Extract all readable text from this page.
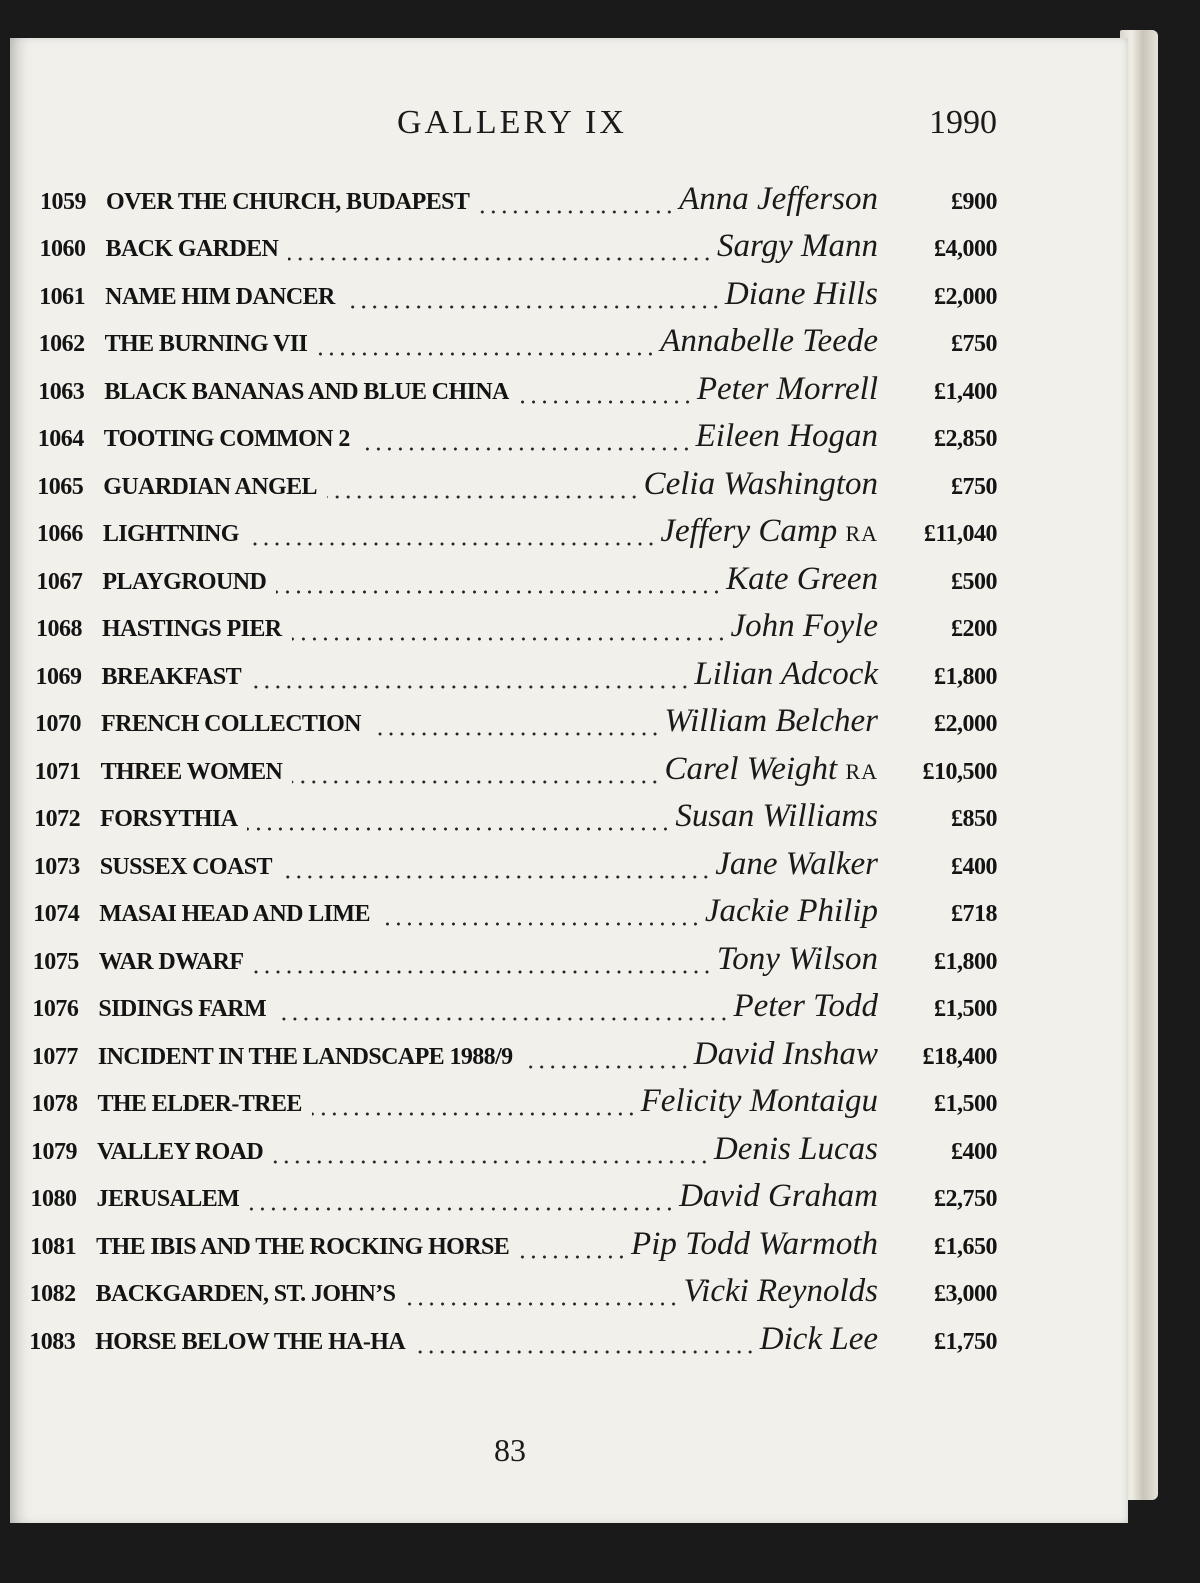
GALLERY IX	1990
1059 OVER THE CHURCH, BUDAPEST	Anna Jefferson	£900
1060 BACK GARDEN	Sargy Mann £4,000
1061 NAME HIM DANCER	Diane Hills £2,000
1062 THE BURNING VII	Annabelle Teede	£750
1063 BLACK BANANAS AND BLUE CHINA	Peter Morrell £1,400
1064 TOOTING COMMON 2	Eileen Hogan £2,850
1065 GUARDIAN ANGEL	Celia Washington	£750
1066 LIGHTNING	Jeffery Camp RA £11,040
1067 PLAYGROUND	Kate Green	£500
1068 HASTINGS PIER	John Foyle	£200
1069 BREAKFAST	Lilian Adcock £1,800
1070 FRENCH COLLECTION	William Belcher £2,000
1071 THREE WOMEN	Carel Weight RA £10,500
1072 FORSYTHIA	Susan Williams	£850
1073 SUSSEX COAST	Jane Walker	£400
1074 MASAI HEAD AND LIME	Jackie Philip	£718
1075 WAR DWARF	Tony Wilson £1,800
1076 SIDINGS FARM	Peter Todd £1,500
1077 INCIDENT IN THE LANDSCAPE 1988/9	David Inshaw £18,400
1078 THE ELDER-TREE	Felicity Montaigu £1,500
1079 VALLEY ROAD	Denis Lucas	£400
1080 JERUSALEM	David Graham £2,750
1081 THE IBIS AND THE ROCKING HORSE	Pip Todd Warmoth £1,650
1082 BACKGARDEN, ST. JOHN’S	Vicki Reynolds £3,000
1083 HORSE BELOW THE HA-HA	Dick Lee £1,750
83
